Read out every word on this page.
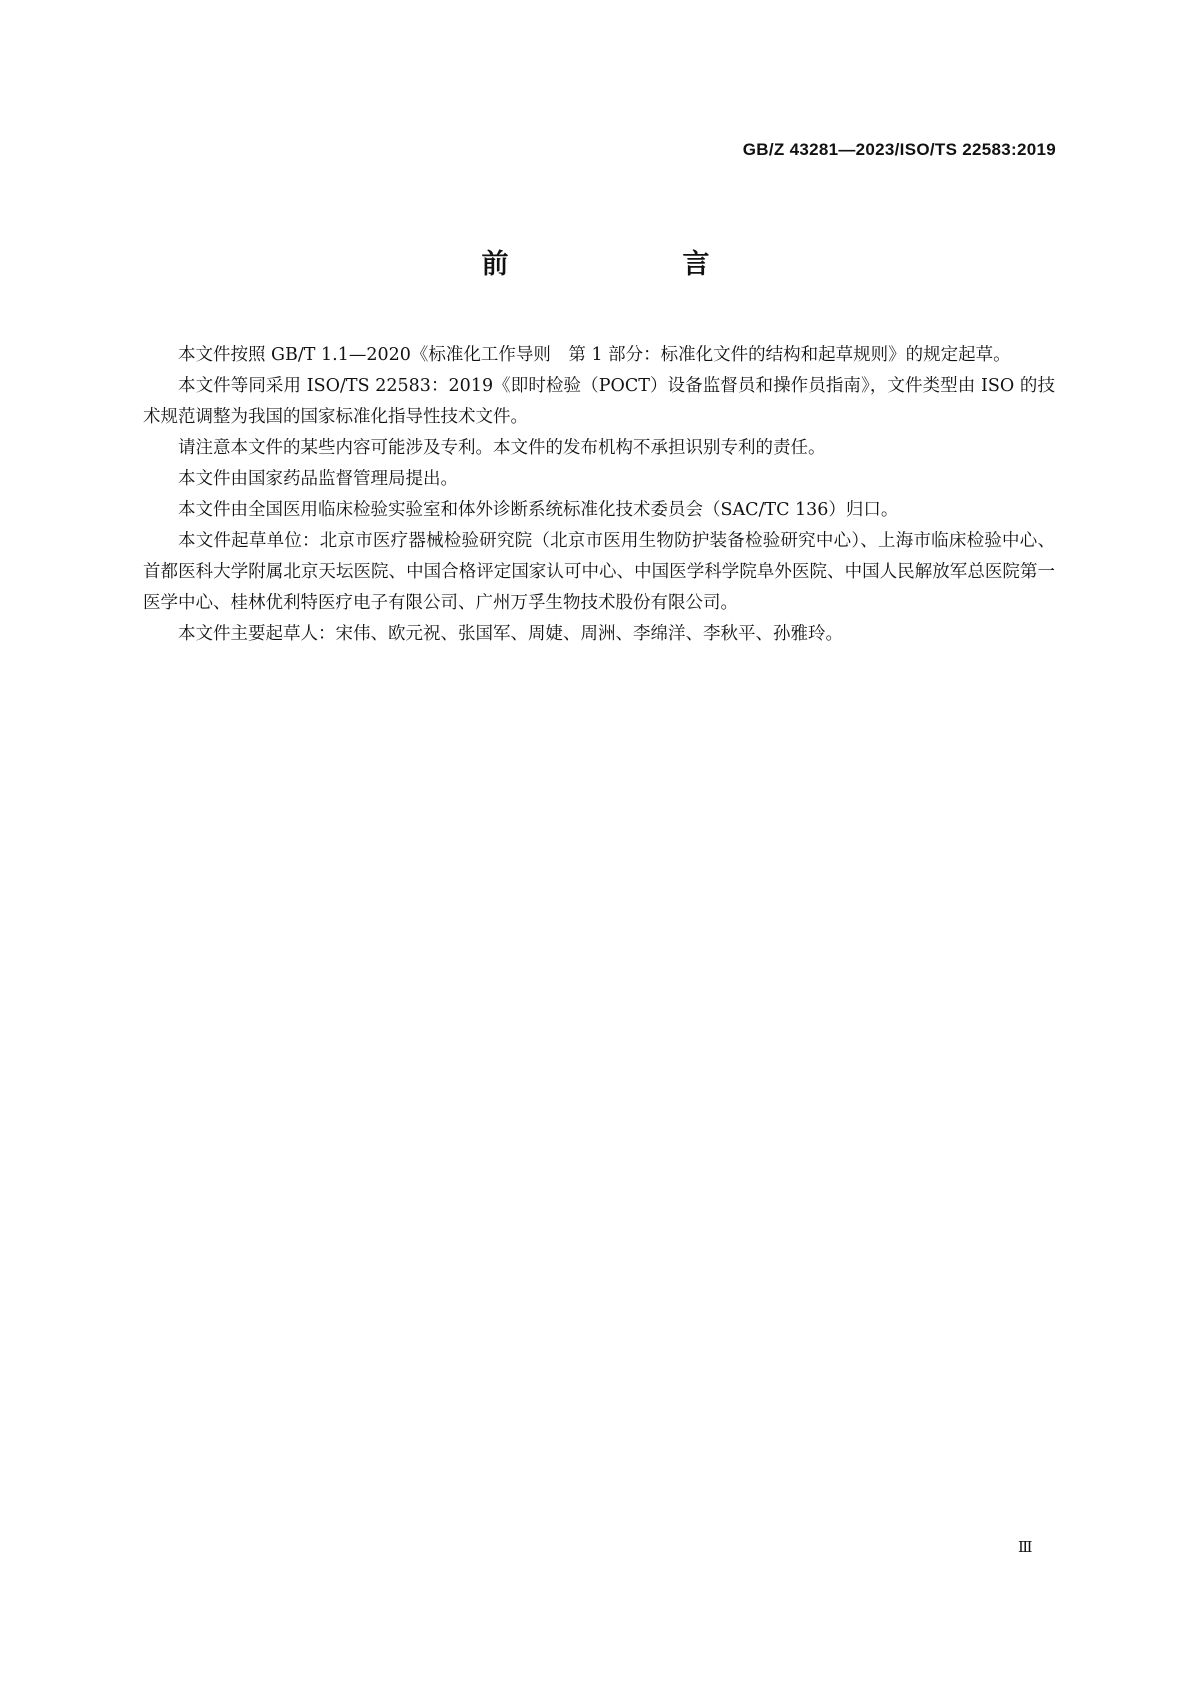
GB/Z 43281—2023/ISO/TS 22583:2019
前　　言

本文件按照 GB/T 1.1—2020《标准化工作导则　第 1 部分：标准化文件的结构和起草规则》的规定起草。

本文件等同采用 ISO/TS 22583：2019《即时检验（POCT）设备监督员和操作员指南》，文件类型由 ISO 的技术规范调整为我国的国家标准化指导性技术文件。

请注意本文件的某些内容可能涉及专利。本文件的发布机构不承担识别专利的责任。

本文件由国家药品监督管理局提出。

本文件由全国医用临床检验实验室和体外诊断系统标准化技术委员会（SAC/TC 136）归口。

本文件起草单位：北京市医疗器械检验研究院（北京市医用生物防护装备检验研究中心）、上海市临床检验中心、首都医科大学附属北京天坛医院、中国合格评定国家认可中心、中国医学科学院阜外医院、中国人民解放军总医院第一医学中心、桂林优利特医疗电子有限公司、广州万孚生物技术股份有限公司。

本文件主要起草人：宋伟、欧元祝、张国军、周婕、周洲、李绵洋、李秋平、孙雅玲。

Ⅲ
